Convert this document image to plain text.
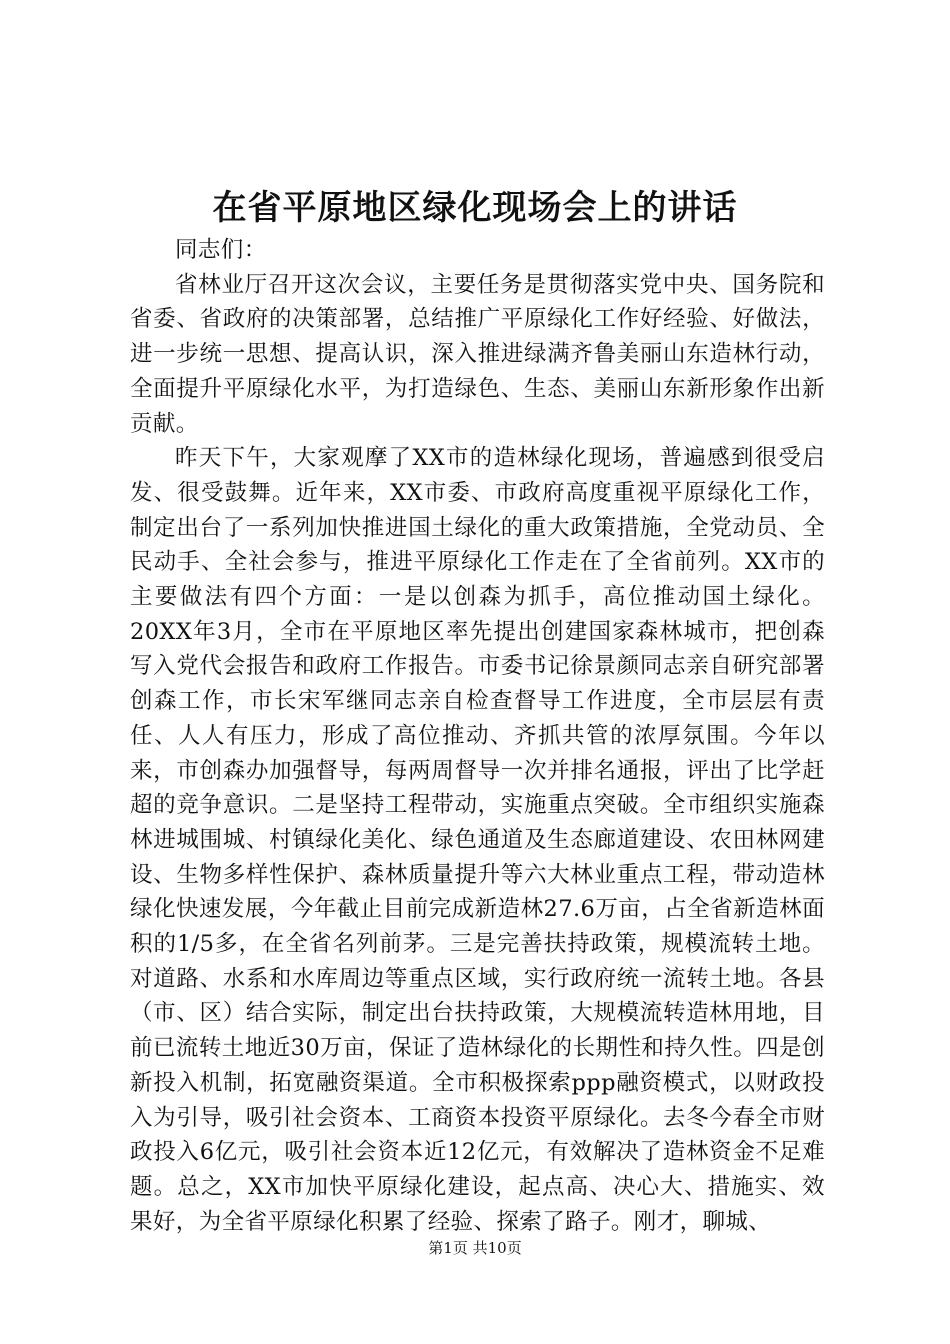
在省平原地区绿化现场会上的讲话

同志们：

省林业厅召开这次会议，主要任务是贯彻落实党中央、国务院和省委、省政府的决策部署，总结推广平原绿化工作好经验、好做法，进一步统一思想、提高认识，深入推进绿满齐鲁美丽山东造林行动，全面提升平原绿化水平，为打造绿色、生态、美丽山东新形象作出新贡献。

昨天下午，大家观摩了XX市的造林绿化现场，普遍感到很受启发、很受鼓舞。近年来，XX市委、市政府高度重视平原绿化工作，制定出台了一系列加快推进国土绿化的重大政策措施，全党动员、全民动手、全社会参与，推进平原绿化工作走在了全省前列。XX市的主要做法有四个方面：一是以创森为抓手，高位推动国土绿化。20XX年3月，全市在平原地区率先提出创建国家森林城市，把创森写入党代会报告和政府工作报告。市委书记徐景颜同志亲自研究部署创森工作，市长宋军继同志亲自检查督导工作进度，全市层层有责任、人人有压力，形成了高位推动、齐抓共管的浓厚氛围。今年以来，市创森办加强督导，每两周督导一次并排名通报，评出了比学赶超的竞争意识。二是坚持工程带动，实施重点突破。全市组织实施森林进城围城、村镇绿化美化、绿色通道及生态廊道建设、农田林网建设、生物多样性保护、森林质量提升等六大林业重点工程，带动造林绿化快速发展，今年截止目前完成新造林27.6万亩，占全省新造林面积的1/5多，在全省名列前茅。三是完善扶持政策，规模流转土地。对道路、水系和水库周边等重点区域，实行政府统一流转土地。各县（市、区）结合实际，制定出台扶持政策，大规模流转造林用地，目前已流转土地近30万亩，保证了造林绿化的长期性和持久性。四是创新投入机制，拓宽融资渠道。全市积极探索ppp融资模式，以财政投入为引导，吸引社会资本、工商资本投资平原绿化。去冬今春全市财政投入6亿元，吸引社会资本近12亿元，有效解决了造林资金不足难题。总之，XX市加快平原绿化建设，起点高、决心大、措施实、效果好，为全省平原绿化积累了经验、探索了路子。刚才，聊城、

第1页 共10页
